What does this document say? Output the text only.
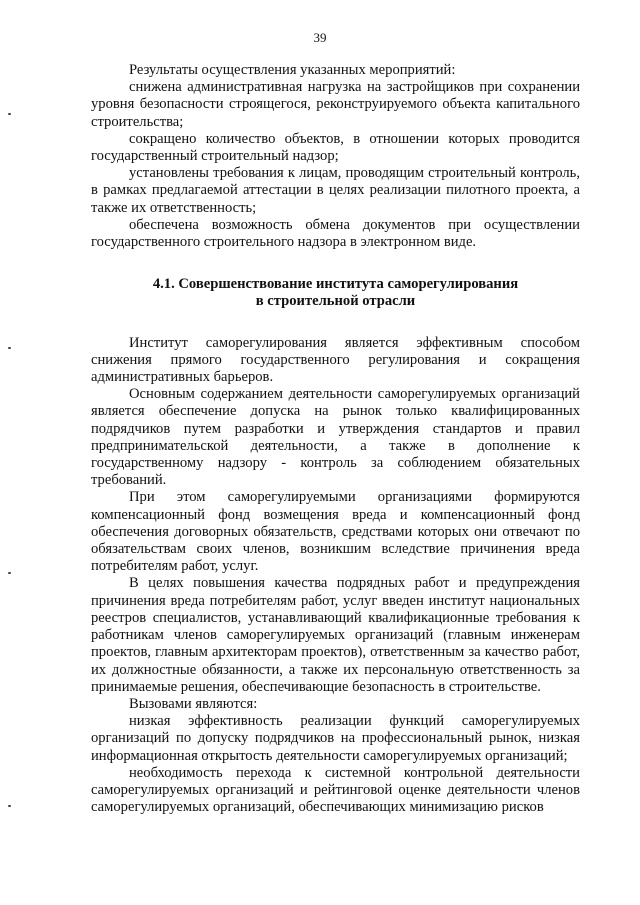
39

Результаты осуществления указанных мероприятий:

снижена административная нагрузка на застройщиков при сохранении уровня безопасности строящегося, реконструируемого объекта капитального строительства;

сокращено количество объектов, в отношении которых проводится государственный строительный надзор;

установлены требования к лицам, проводящим строительный контроль, в рамках предлагаемой аттестации в целях реализации пилотного проекта, а также их ответственность;

обеспечена возможность обмена документов при осуществлении государственного строительного надзора в электронном виде.

4.1. Совершенствование института саморегулирования
в строительной отрасли

Институт саморегулирования является эффективным способом снижения прямого государственного регулирования и сокращения административных барьеров.

Основным содержанием деятельности саморегулируемых организаций является обеспечение допуска на рынок только квалифицированных подрядчиков путем разработки и утверждения стандартов и правил предпринимательской деятельности, а также в дополнение к государственному надзору - контроль за соблюдением обязательных требований.

При этом саморегулируемыми организациями формируются компенсационный фонд возмещения вреда и компенсационный фонд обеспечения договорных обязательств, средствами которых они отвечают по обязательствам своих членов, возникшим вследствие причинения вреда потребителям работ, услуг.

В целях повышения качества подрядных работ и предупреждения причинения вреда потребителям работ, услуг введен институт национальных реестров специалистов, устанавливающий квалификационные требования к работникам членов саморегулируемых организаций (главным инженерам проектов, главным архитекторам проектов), ответственным за качество работ, их должностные обязанности, а также их персональную ответственность за принимаемые решения, обеспечивающие безопасность в строительстве.

Вызовами являются:

низкая эффективность реализации функций саморегулируемых организаций по допуску подрядчиков на профессиональный рынок, низкая информационная открытость деятельности саморегулируемых организаций;

необходимость перехода к системной контрольной деятельности саморегулируемых организаций и рейтинговой оценке деятельности членов саморегулируемых организаций, обеспечивающих минимизацию рисков
